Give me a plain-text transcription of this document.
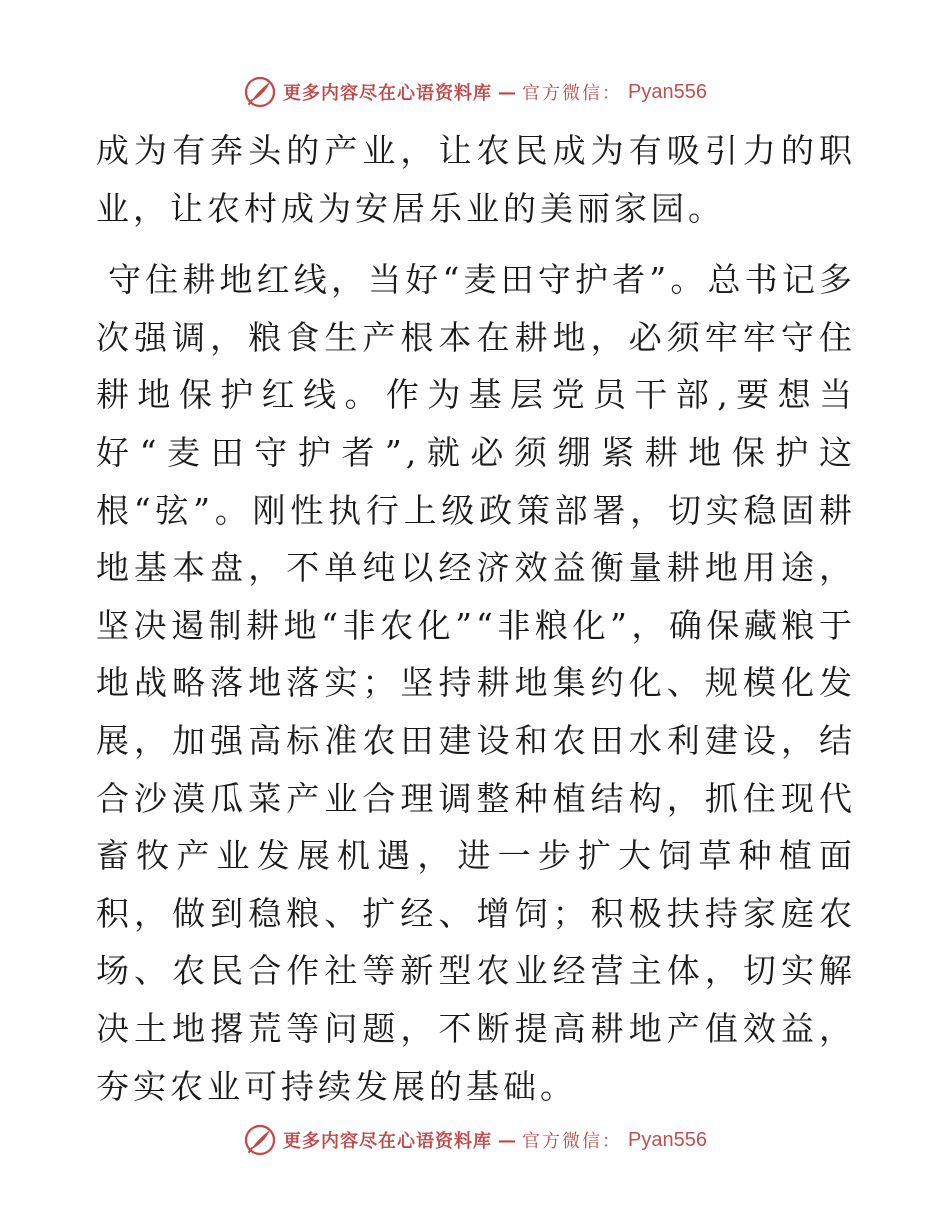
更多内容尽在心语资料库 — 官方微信： Pyan556

成为有奔头的产业，让农民成为有吸引力的职业，让农村成为安居乐业的美丽家园。

守住耕地红线，当好“麦田守护者”。总书记多次强调，粮食生产根本在耕地，必须牢牢守住耕地保护红线。作为基层党员干部,要想当好“麦田守护者”,就必须绷紧耕地保护这根“弦”。刚性执行上级政策部署，切实稳固耕地基本盘，不单纯以经济效益衡量耕地用途，坚决遏制耕地“非农化”“非粮化”，确保藏粮于地战略落地落实；坚持耕地集约化、规模化发展，加强高标准农田建设和农田水利建设，结合沙漠瓜菜产业合理调整种植结构，抓住现代畜牧产业发展机遇，进一步扩大饲草种植面积，做到稳粮、扩经、增饲；积极扶持家庭农场、农民合作社等新型农业经营主体，切实解决土地撂荒等问题，不断提高耕地产值效益，夯实农业可持续发展的基础。

更多内容尽在心语资料库 — 官方微信： Pyan556
